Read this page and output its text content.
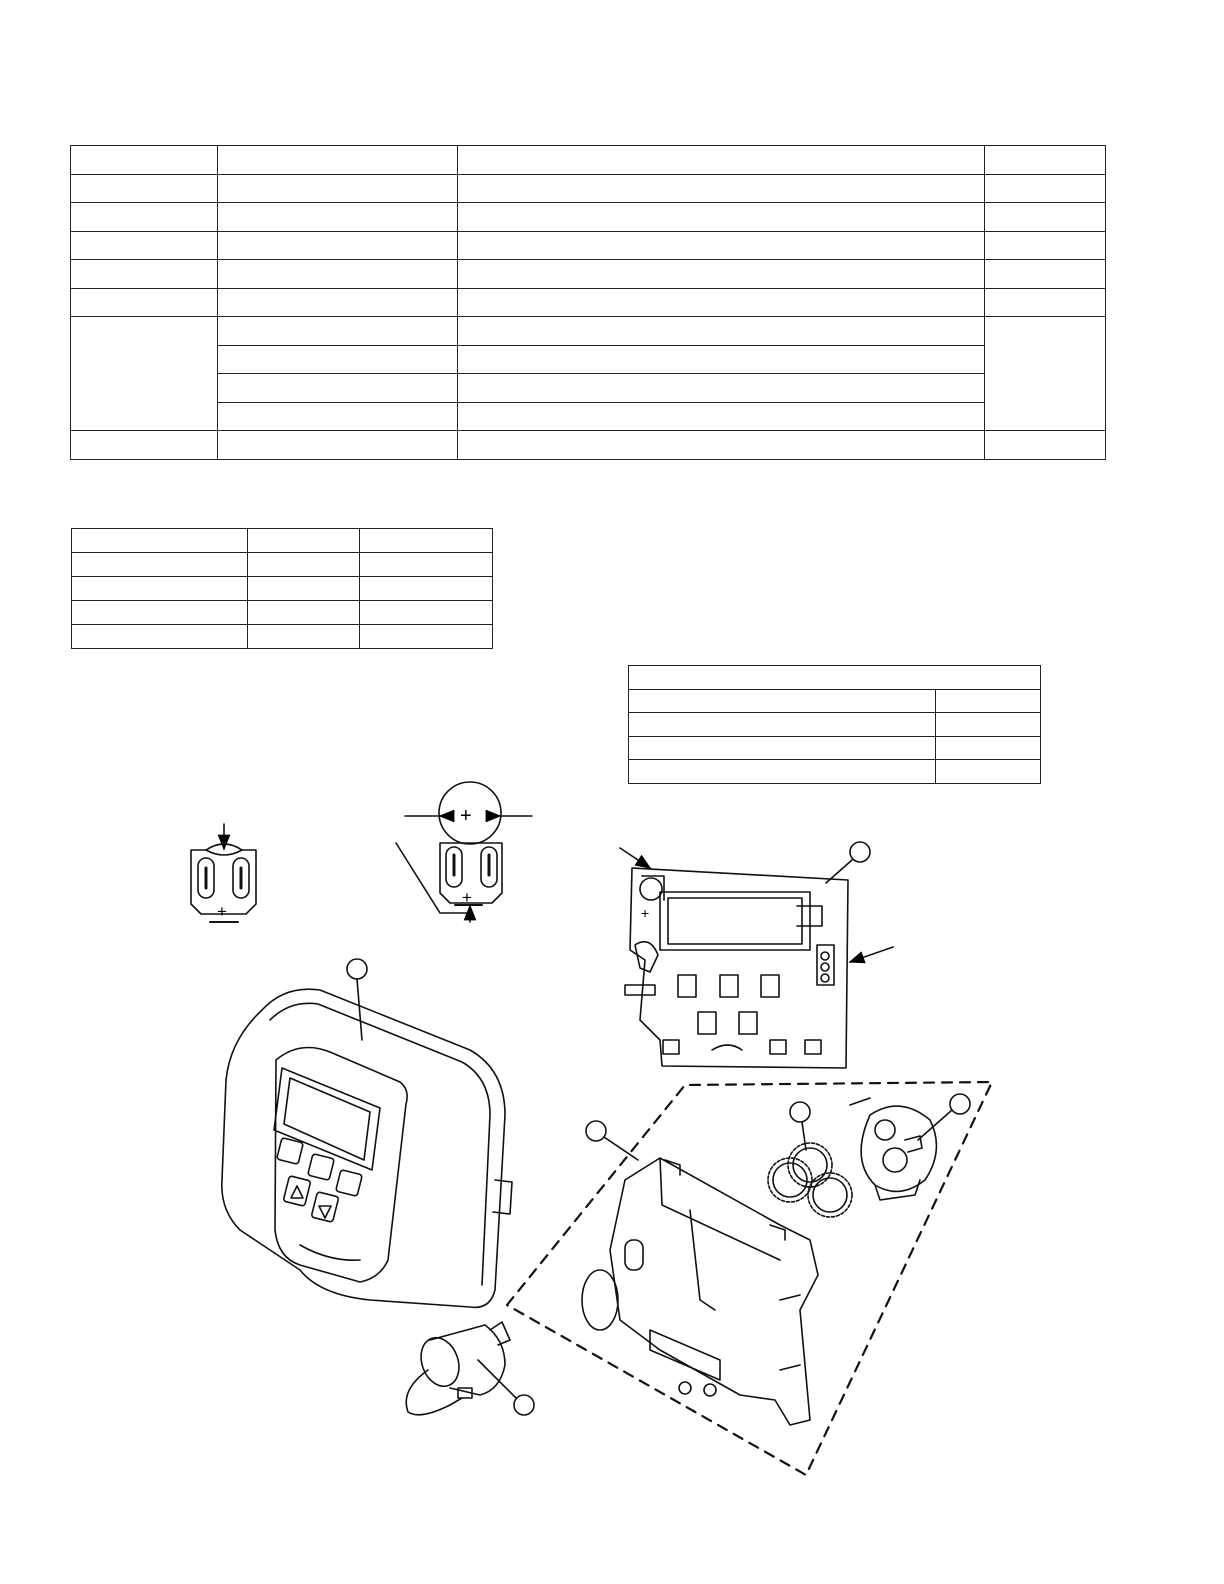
+
+
+
+
